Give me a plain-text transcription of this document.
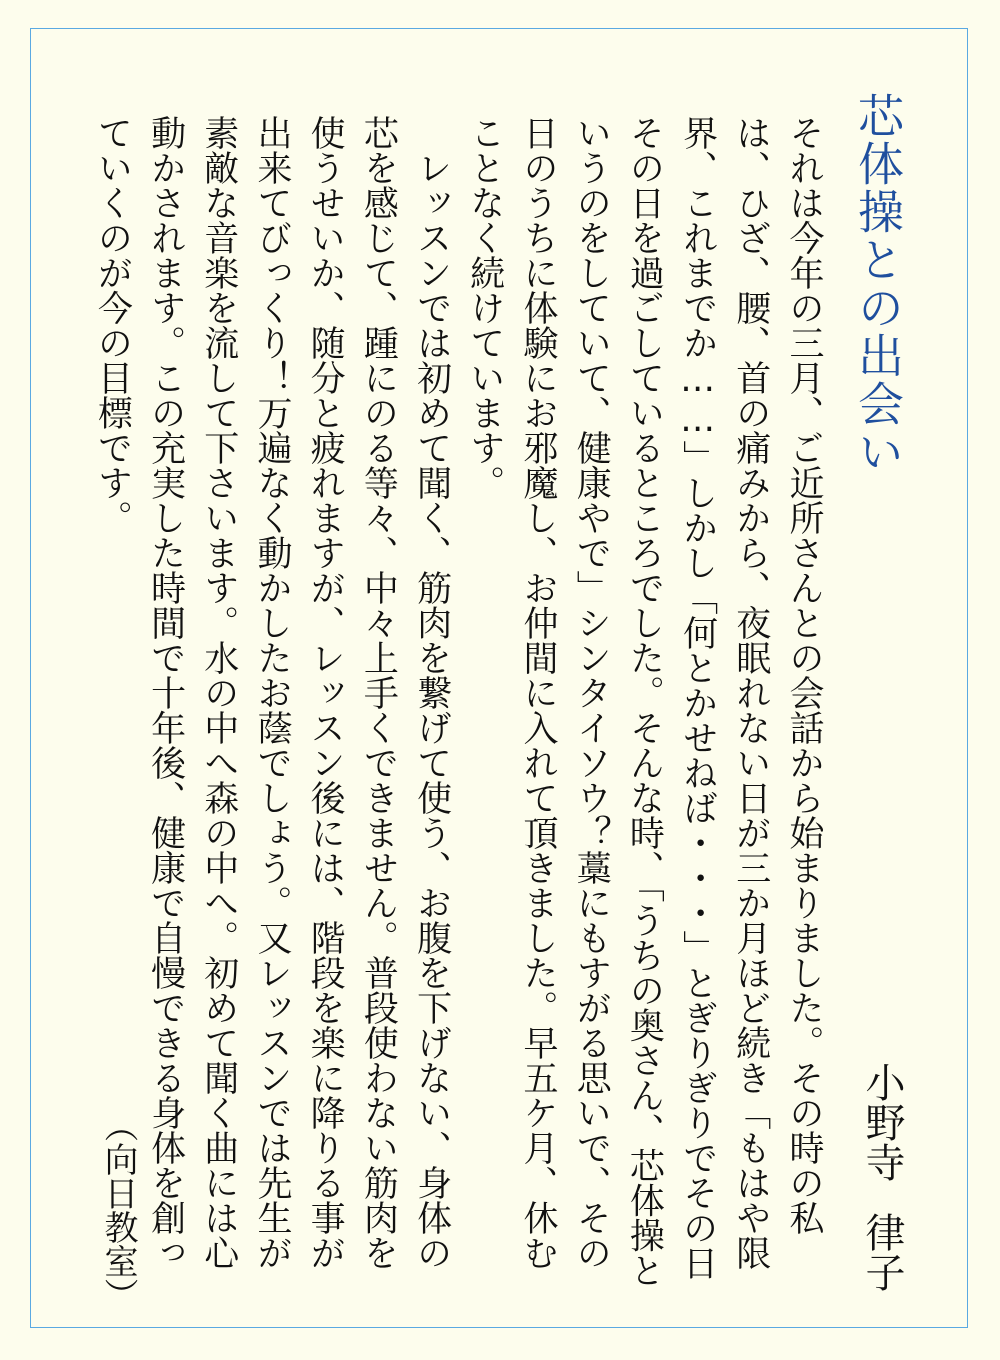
芯体操との出会い
小野寺律子

それは今年の三月、ご近所さんとの会話から始まりました。その時の私は、ひざ、腰、首の痛みから、夜眠れない日が三か月ほど続き「もはや限界、これまでか……」しかし「何とかせねば・・・」とぎりぎりでその日その日を過ごしているところでした。そんな時、「うちの奥さん、芯体操というのをしていて、健康やで」シンタイソウ？藁にもすがる思いで、その日のうちに体験にお邪魔し、お仲間に入れて頂きました。早五ケ月、休むことなく続けています。

レッスンでは初めて聞く、筋肉を繋げて使う、お腹を下げない、身体の芯を感じて、踵にのる等々、中々上手くできません。普段使わない筋肉を使うせいか、随分と疲れますが、レッスン後には、階段を楽に降りる事が出来てびっくり！万遍なく動かしたお蔭でしょう。又レッスンでは先生が素敵な音楽を流して下さいます。水の中へ森の中へ。初めて聞く曲には心動かされます。この充実した時間で十年後、健康で自慢できる身体を創っていくのが今の目標です。

（向日教室）
